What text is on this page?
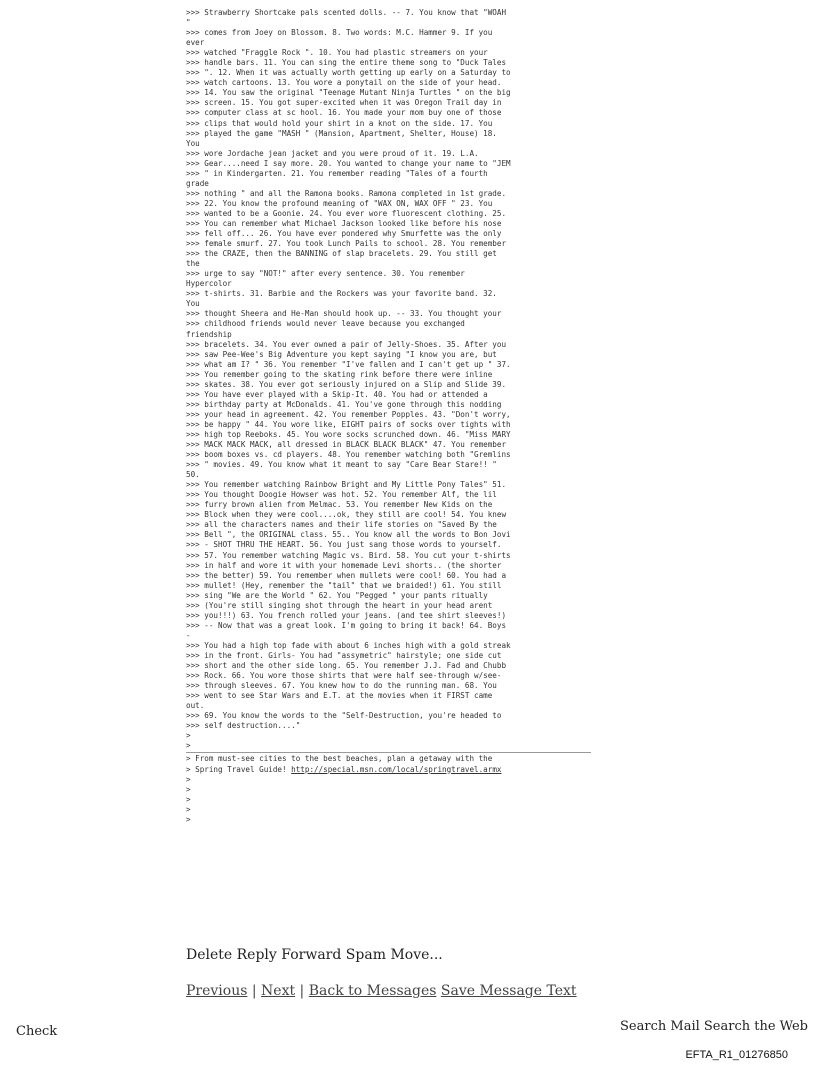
>>> Strawberry Shortcake pals scented dolls. -- 7. You know that "WOAH
"
>>> comes from Joey on Blossom. 8. Two words: M.C. Hammer 9. If you
ever
>>> watched "Fraggle Rock ". 10. You had plastic streamers on your
>>> handle bars. 11. You can sing the entire theme song to "Duck Tales
>>> ". 12. When it was actually worth getting up early on a Saturday to
>>> watch cartoons. 13. You wore a ponytail on the side of your head.
>>> 14. You saw the original "Teenage Mutant Ninja Turtles " on the big
>>> screen. 15. You got super-excited when it was Oregon Trail day in
>>> computer class at sc hool. 16. You made your mom buy one of those
>>> clips that would hold your shirt in a knot on the side. 17. You
>>> played the game "MASH " (Mansion, Apartment, Shelter, House) 18.
You
>>> wore Jordache jean jacket and you were proud of it. 19. L.A.
>>> Gear....need I say more. 20. You wanted to change your name to "JEM
>>> " in Kindergarten. 21. You remember reading "Tales of a fourth
grade
>>> nothing " and all the Ramona books. Ramona completed in 1st grade.
>>> 22. You know the profound meaning of "WAX ON, WAX OFF " 23. You
>>> wanted to be a Goonie. 24. You ever wore fluorescent clothing. 25.
>>> You can remember what Michael Jackson looked like before his nose
>>> fell off... 26. You have ever pondered why Smurfette was the only
>>> female smurf. 27. You took Lunch Pails to school. 28. You remember
>>> the CRAZE, then the BANNING of slap bracelets. 29. You still get
the
>>> urge to say "NOT!" after every sentence. 30. You remember
Hypercolor
>>> t-shirts. 31. Barbie and the Rockers was your favorite band. 32.
You
>>> thought Sheera and He-Man should hook up. -- 33. You thought your
>>> childhood friends would never leave because you exchanged
friendship
>>> bracelets. 34. You ever owned a pair of Jelly-Shoes. 35. After you
>>> saw Pee-Wee's Big Adventure you kept saying "I know you are, but
>>> what am I? " 36. You remember "I've fallen and I can't get up " 37.
>>> You remember going to the skating rink before there were inline
>>> skates. 38. You ever got seriously injured on a Slip and Slide 39.
>>> You have ever played with a Skip-It. 40. You had or attended a
>>> birthday party at McDonalds. 41. You've gone through this nodding
>>> your head in agreement. 42. You remember Popples. 43. "Don't worry,
>>> be happy " 44. You wore like, EIGHT pairs of socks over tights with
>>> high top Reeboks. 45. You wore socks scrunched down. 46. "Miss MARY
>>> MACK MACK MACK, all dressed in BLACK BLACK BLACK" 47. You remember
>>> boom boxes vs. cd players. 48. You remember watching both "Gremlins
>>> " movies. 49. You know what it meant to say "Care Bear Stare!! "
50.
>>> You remember watching Rainbow Bright and My Little Pony Tales" 51.
>>> You thought Doogie Howser was hot. 52. You remember Alf, the lil
>>> furry brown alien from Melmac. 53. You remember New Kids on the
>>> Block when they were cool....ok, they still are cool! 54. You knew
>>> all the characters names and their life stories on "Saved By the
>>> Bell ", the ORIGINAL class. 55.. You know all the words to Bon Jovi
>>> - SHOT THRU THE HEART. 56. You just sang those words to yourself.
>>> 57. You remember watching Magic vs. Bird. 58. You cut your t-shirts
>>> in half and wore it with your homemade Levi shorts.. (the shorter
>>> the better) 59. You remember when mullets were cool! 60. You had a
>>> mullet! (Hey, remember the "tail" that we braided!) 61. You still
>>> sing "We are the World " 62. You "Pegged " your pants ritually
>>> (You're still singing shot through the heart in your head arent
>>> you!!!) 63. You french rolled your jeans. (and tee shirt sleeves!)
>>> -- Now that was a great look. I'm going to bring it back! 64. Boys
-
>>> You had a high top fade with about 6 inches high with a gold streak
>>> in the front. Girls- You had "assymetric" hairstyle; one side cut
>>> short and the other side long. 65. You remember J.J. Fad and Chubb
>>> Rock. 66. You wore those shirts that were half see-through w/see-
>>> through sleeves. 67. You knew how to do the running man. 68. You
>>> went to see Star Wars and E.T. at the movies when it FIRST came
out.
>>> 69. You know the words to the "Self-Destruction, you're headed to
>>> self destruction...."
>
>
> From must-see cities to the best beaches, plan a getaway with the
> Spring Travel Guide! http://special.msn.com/local/springtravel.armx
>
>
>
>
>
Delete Reply Forward Spam Move...
Previous | Next | Back to Messages Save Message Text
Check	Search Mail Search the Web
EFTA_R1_01276850
